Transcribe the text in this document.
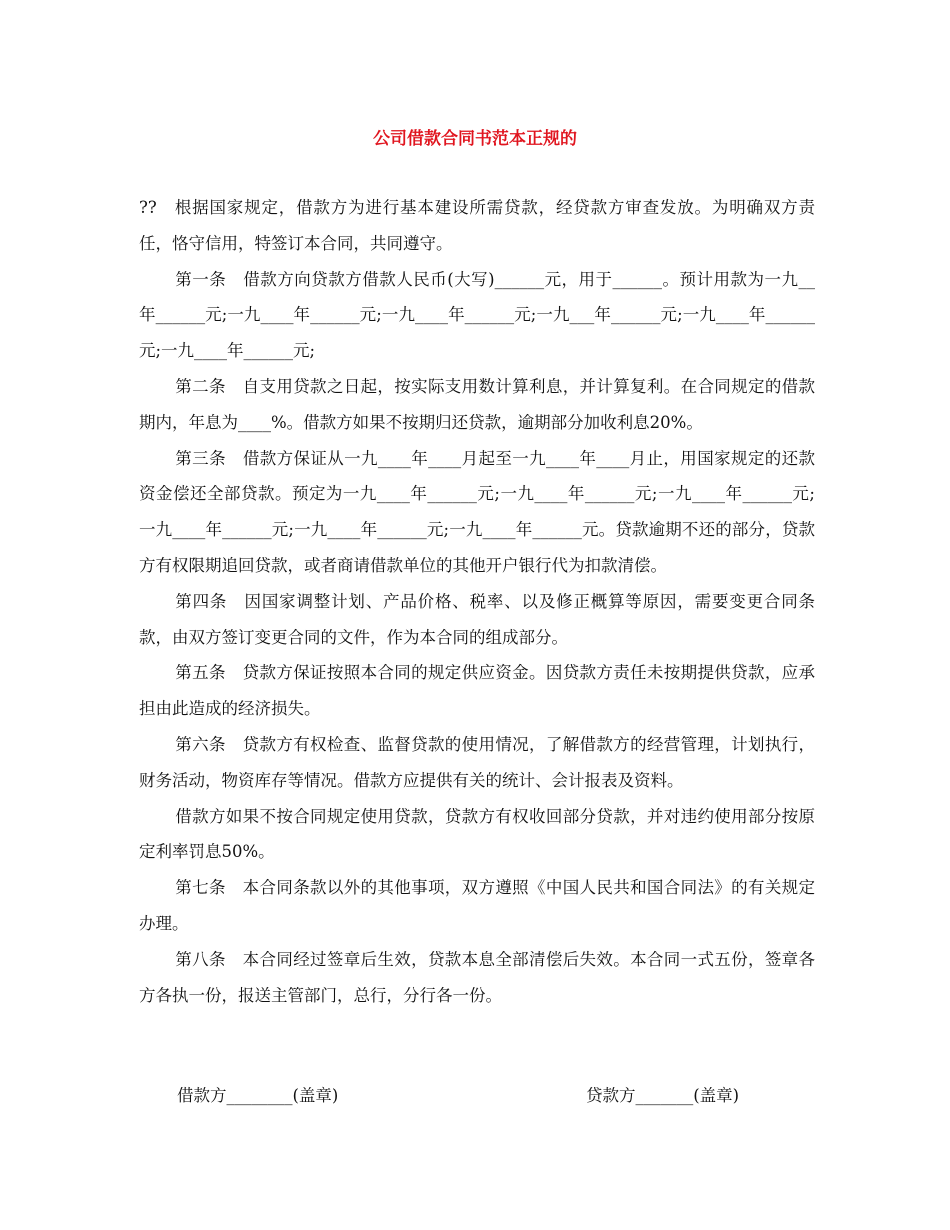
公司借款合同书范本正规的

??　根据国家规定，借款方为进行基本建设所需贷款，经贷款方审查发放。为明确双方责任，恪守信用，特签订本合同，共同遵守。

第一条　借款方向贷款方借款人民币(大写)______元，用于______。预计用款为一九__年______元;一九____年______元;一九____年______元;一九___年______元;一九____年______元;一九____年______元;

第二条　自支用贷款之日起，按实际支用数计算利息，并计算复利。在合同规定的借款期内，年息为____%。借款方如果不按期归还贷款，逾期部分加收利息20%。

第三条　借款方保证从一九____年____月起至一九____年____月止，用国家规定的还款资金偿还全部贷款。预定为一九____年______元;一九____年______元;一九____年______元;一九____年______元;一九____年______元;一九____年______元。贷款逾期不还的部分，贷款方有权限期追回贷款，或者商请借款单位的其他开户银行代为扣款清偿。

第四条　因国家调整计划、产品价格、税率、以及修正概算等原因，需要变更合同条款，由双方签订变更合同的文件，作为本合同的组成部分。

第五条　贷款方保证按照本合同的规定供应资金。因贷款方责任未按期提供贷款，应承担由此造成的经济损失。

第六条　贷款方有权检查、监督贷款的使用情况，了解借款方的经营管理，计划执行，财务活动，物资库存等情况。借款方应提供有关的统计、会计报表及资料。

借款方如果不按合同规定使用贷款，贷款方有权收回部分贷款，并对违约使用部分按原定利率罚息50%。

第七条　本合同条款以外的其他事项，双方遵照《中国人民共和国合同法》的有关规定办理。

第八条　本合同经过签章后生效，贷款本息全部清偿后失效。本合同一式五份，签章各方各执一份，报送主管部门，总行，分行各一份。

借款方________(盖章)	贷款方_______(盖章)
